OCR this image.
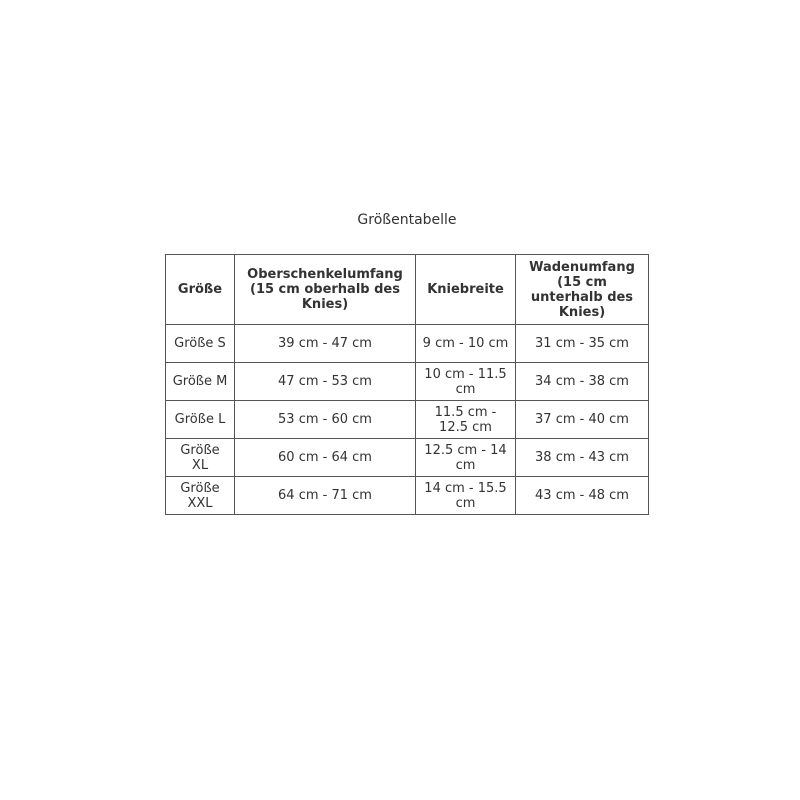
Größentabelle
Größe	Oberschenkelumfang (15 cm oberhalb des Knies)	Kniebreite	Wadenumfang (15 cm unterhalb des Knies)
Größe S	39 cm - 47 cm	9 cm - 10 cm	31 cm - 35 cm
Größe M	47 cm - 53 cm	10 cm - 11.5 cm	34 cm - 38 cm
Größe L	53 cm - 60 cm	11.5 cm - 12.5 cm	37 cm - 40 cm
Größe XL	60 cm - 64 cm	12.5 cm - 14 cm	38 cm - 43 cm
Größe XXL	64 cm - 71 cm	14 cm - 15.5 cm	43 cm - 48 cm
